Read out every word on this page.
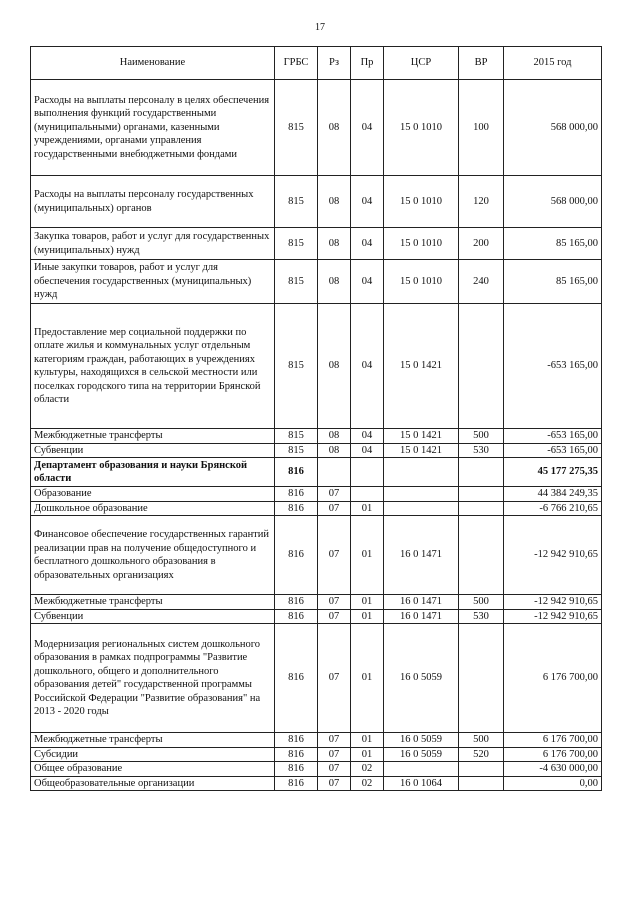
17
Наименование	ГРБС	Рз	Пр	ЦСР	ВР	2015 год
Расходы на выплаты персоналу в целях обеспечения выполнения функций государственными (муниципальными) органами, казенными учреждениями, органами управления государственными внебюджетными фондами	815	08	04	15 0 1010	100	568 000,00
Расходы на выплаты персоналу государственных (муниципальных) органов	815	08	04	15 0 1010	120	568 000,00
Закупка товаров, работ и услуг для государственных (муниципальных) нужд	815	08	04	15 0 1010	200	85 165,00
Иные закупки товаров, работ и услуг для обеспечения государственных (муниципальных) нужд	815	08	04	15 0 1010	240	85 165,00
Предоставление мер социальной поддержки по оплате жилья и коммунальных услуг отдельным категориям граждан, работающих в учреждениях культуры, находящихся в сельской местности или поселках городского типа на территории Брянской области	815	08	04	15 0 1421		-653 165,00
Межбюджетные трансферты	815	08	04	15 0 1421	500	-653 165,00
Субвенции	815	08	04	15 0 1421	530	-653 165,00
Департамент образования и науки Брянской области	816					45 177 275,35
Образование	816	07				44 384 249,35
Дошкольное образование	816	07	01			-6 766 210,65
Финансовое обеспечение государственных гарантий реализации прав на получение общедоступного и бесплатного дошкольного образования в образовательных организациях	816	07	01	16 0 1471		-12 942 910,65
Межбюджетные трансферты	816	07	01	16 0 1471	500	-12 942 910,65
Субвенции	816	07	01	16 0 1471	530	-12 942 910,65
Модернизация региональных систем дошкольного образования в рамках подпрограммы "Развитие дошкольного, общего и дополнительного образования детей" государственной программы Российской Федерации "Развитие образования" на 2013 - 2020 годы	816	07	01	16 0 5059		6 176 700,00
Межбюджетные трансферты	816	07	01	16 0 5059	500	6 176 700,00
Субсидии	816	07	01	16 0 5059	520	6 176 700,00
Общее образование	816	07	02			-4 630 000,00
Общеобразовательные организации	816	07	02	16 0 1064		0,00
